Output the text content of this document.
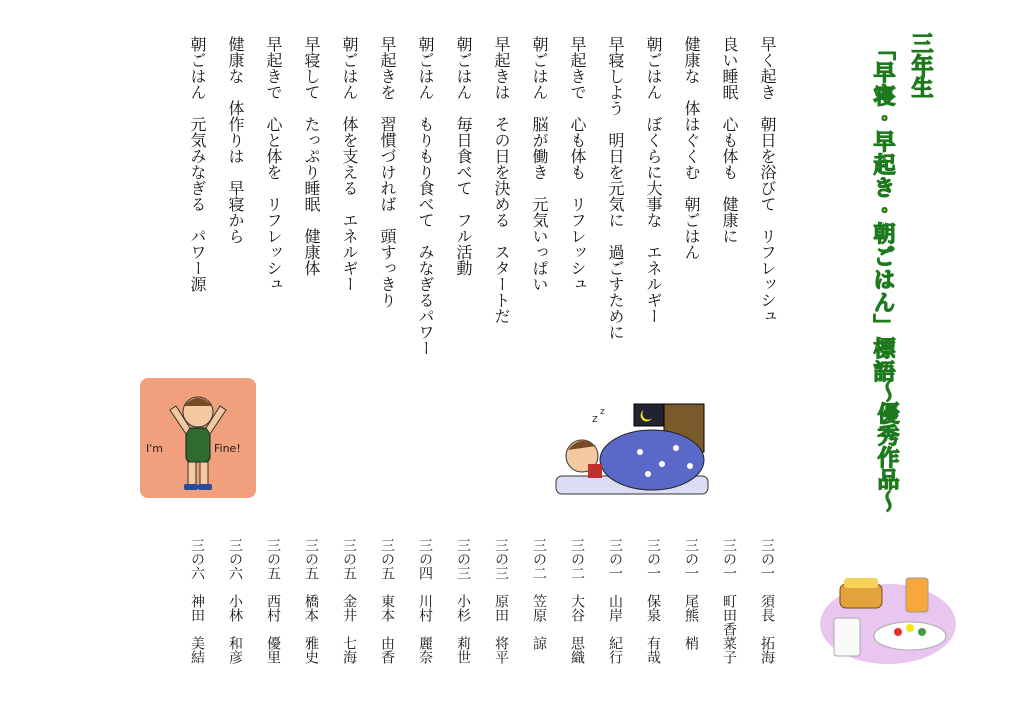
三年生
「早寝・早起き・朝ごはん」標語
～優秀作品～
早く起き　朝日を浴びて　リフレッシュ
良い睡眠　心も体も　健康に
健康な　体はぐくむ　朝ごはん
朝ごはん　ぼくらに大事な　エネルギー
早寝しよう　明日を元気に　過ごすために
早起きで　心も体も　リフレッシュ
朝ごはん　脳が働き　元気いっぱい
早起きは　その日を決める　スタートだ
朝ごはん　毎日食べて　フル活動
朝ごはん　もりもり食べて　みなぎるパワー
早起きを　習慣づければ　頭すっきり
朝ごはん　体を支える　エネルギー
早寝して　たっぷり睡眠　健康体
早起きで　心と体を　リフレッシュ
健康な　体作りは　早寝から
朝ごはん　元気みなぎる　パワー源
三の一　須長　拓海
三の一　町田香菜子
三の一　尾熊　梢
三の一　保泉　有哉
三の一　山岸　紀行
三の二　大谷　思織
三の二　笠原　諒
三の三　原田　将平
三の三　小杉　莉世
三の四　川村　麗奈
三の五　東本　由香
三の五　金井　七海
三の五　橋本　雅史
三の五　西村　優里
三の六　小林　和彦
三の六　神田　美結
I'm	Fine!
z z
